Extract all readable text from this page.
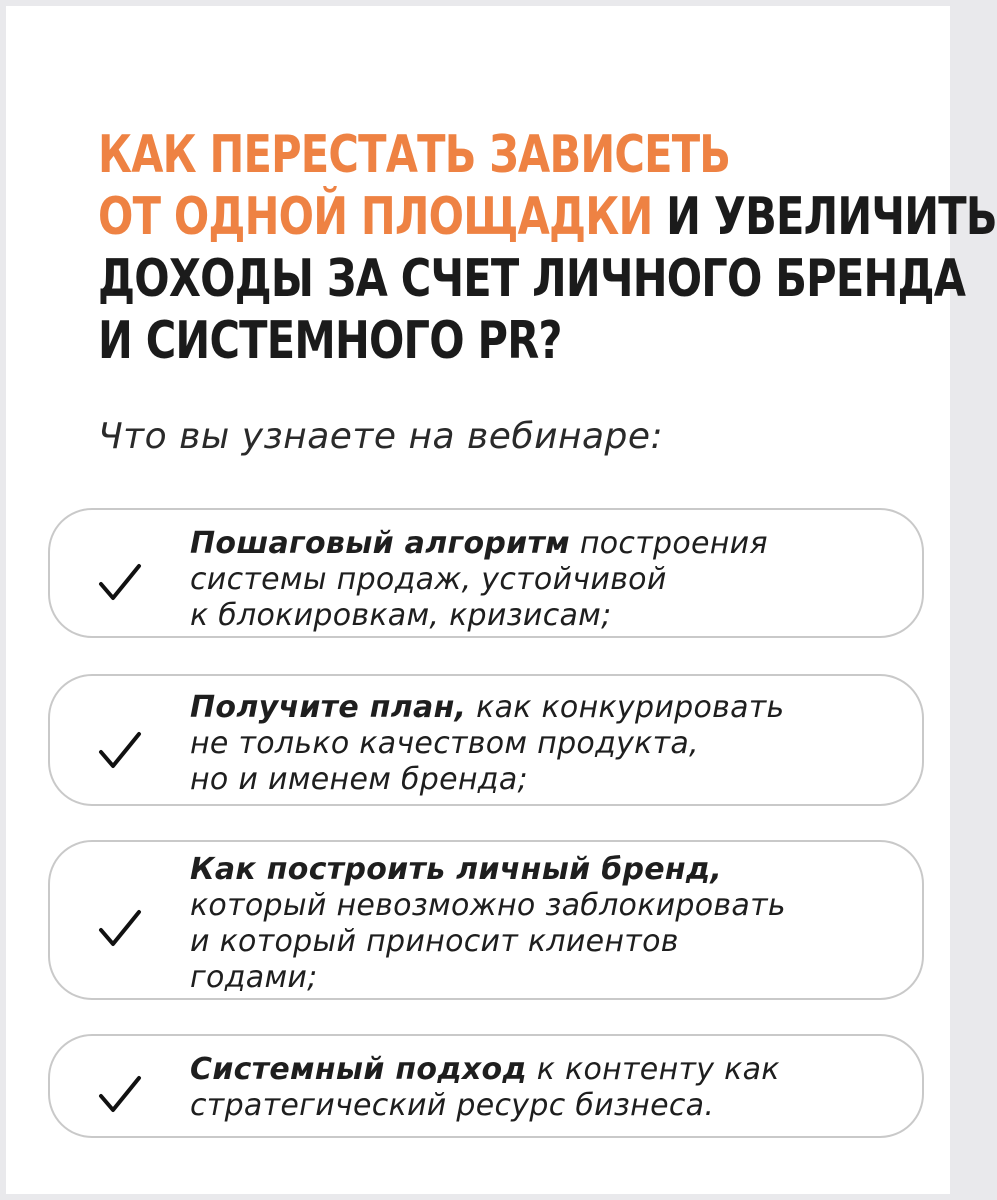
КАК ПЕРЕСТАТЬ ЗАВИСЕТЬ
ОТ ОДНОЙ ПЛОЩАДКИ И УВЕЛИЧИТЬ
ДОХОДЫ ЗА СЧЕТ ЛИЧНОГО БРЕНДА
И СИСТЕМНОГО PR?
Что вы узнаете на вебинаре:
Пошаговый алгоритм построения
системы продаж, устойчивой
к блокировкам, кризисам;
Получите план, как конкурировать
не только качеством продукта,
но и именем бренда;
Как построить личный бренд,
который невозможно заблокировать
и который приносит клиентов
годами;
Системный подход к контенту как
стратегический ресурс бизнеса.
